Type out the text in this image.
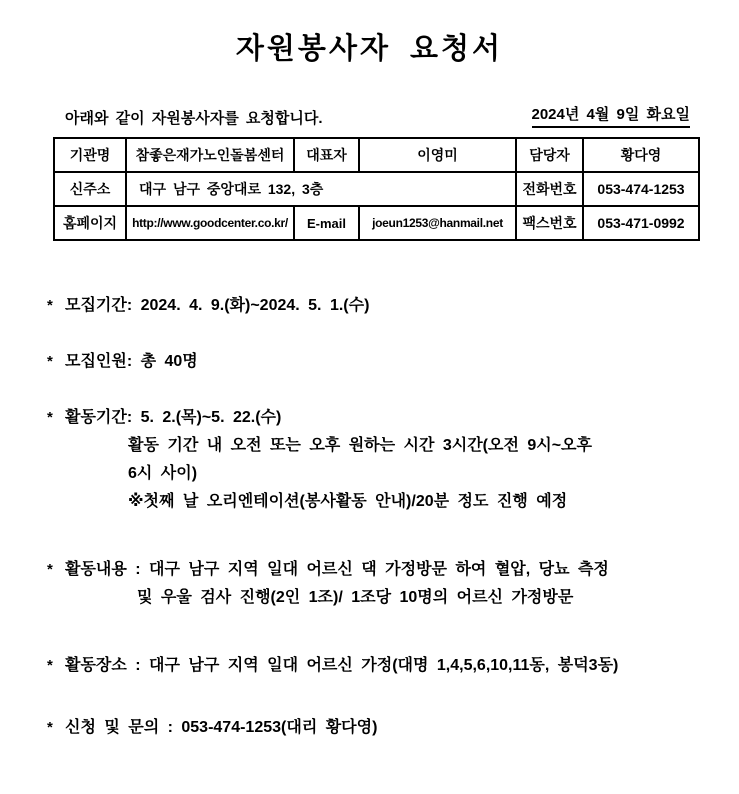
자원봉사자 요청서
아래와 같이 자원봉사자를 요청합니다.	2024년 4월 9일 화요일
기관명	참좋은재가노인돌봄센터	대표자	이영미	담당자	황다영
신주소	대구 남구 중앙대로 132, 3층			전화번호	053-474-1253
홈페이지	http://www.goodcenter.co.kr/	E-mail	joeun1253@hanmail.net	팩스번호	053-471-0992
* 모집기간: 2024. 4. 9.(화)~2024. 5. 1.(수)
* 모집인원: 총 40명
* 활동기간: 5. 2.(목)~5. 22.(수)
활동 기간 내 오전 또는 오후 원하는 시간 3시간(오전 9시~오후
6시 사이)
※첫째 날 오리엔테이션(봉사활동 안내)/20분 정도 진행 예정
* 활동내용 : 대구 남구 지역 일대 어르신 댁 가정방문 하여 혈압, 당뇨 측정
및 우울 검사 진행(2인 1조)/ 1조당 10명의 어르신 가정방문
* 활동장소 : 대구 남구 지역 일대 어르신 가정(대명 1,4,5,6,10,11동, 봉덕3동)
* 신청 및 문의 : 053-474-1253(대리 황다영)
